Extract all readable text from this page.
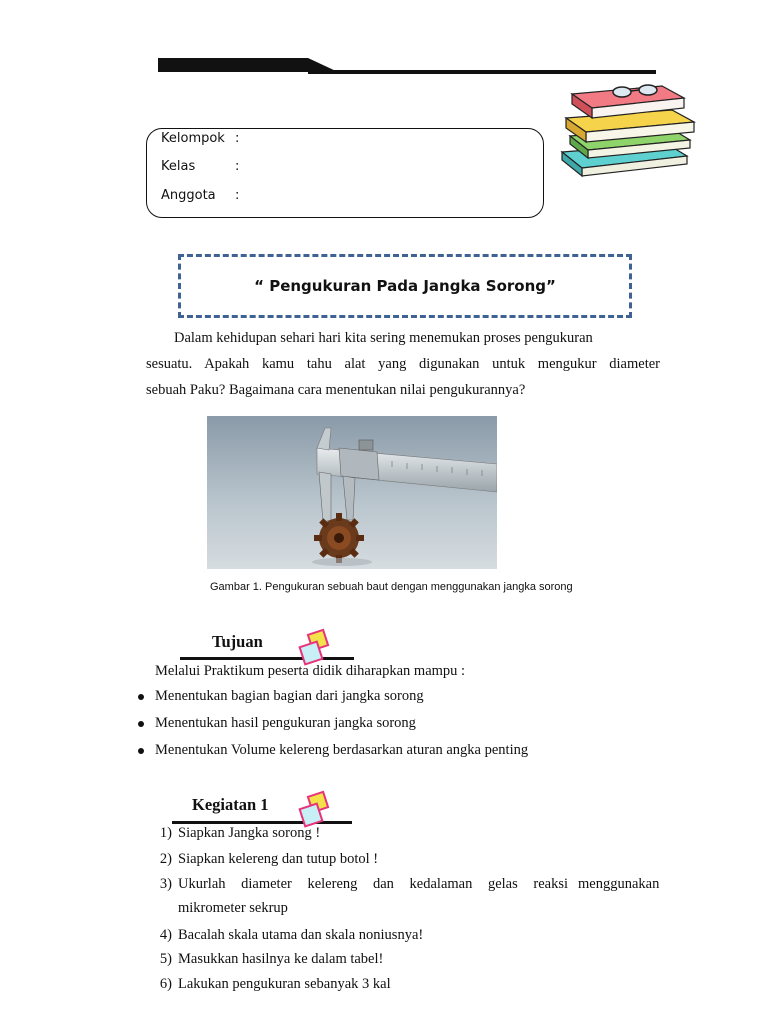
Kelompok :
Kelas	:
Anggota :
“ Pengukuran Pada Jangka Sorong”
Dalam kehidupan sehari hari kita sering menemukan proses pengukuran
sesuatu. Apakah kamu tahu alat yang digunakan untuk mengukur diameter
sebuah Paku? Bagaimana cara menentukan nilai pengukurannya?
Gambar 1. Pengukuran sebuah baut dengan menggunakan jangka sorong
Tujuan
Melalui Praktikum peserta didik diharapkan mampu :
Menentukan bagian bagian dari jangka sorong
Menentukan hasil pengukuran jangka sorong
Menentukan Volume kelereng berdasarkan aturan angka penting
Kegiatan 1
1) Siapkan Jangka sorong !
2) Siapkan kelereng dan tutup botol !
3) Ukurlah diameter kelereng dan kedalaman gelas reaksi menggunakan
mikrometer sekrup
4) Bacalah skala utama dan skala noniusnya!
5) Masukkan hasilnya ke dalam tabel!
6) Lakukan pengukuran sebanyak 3 kal
